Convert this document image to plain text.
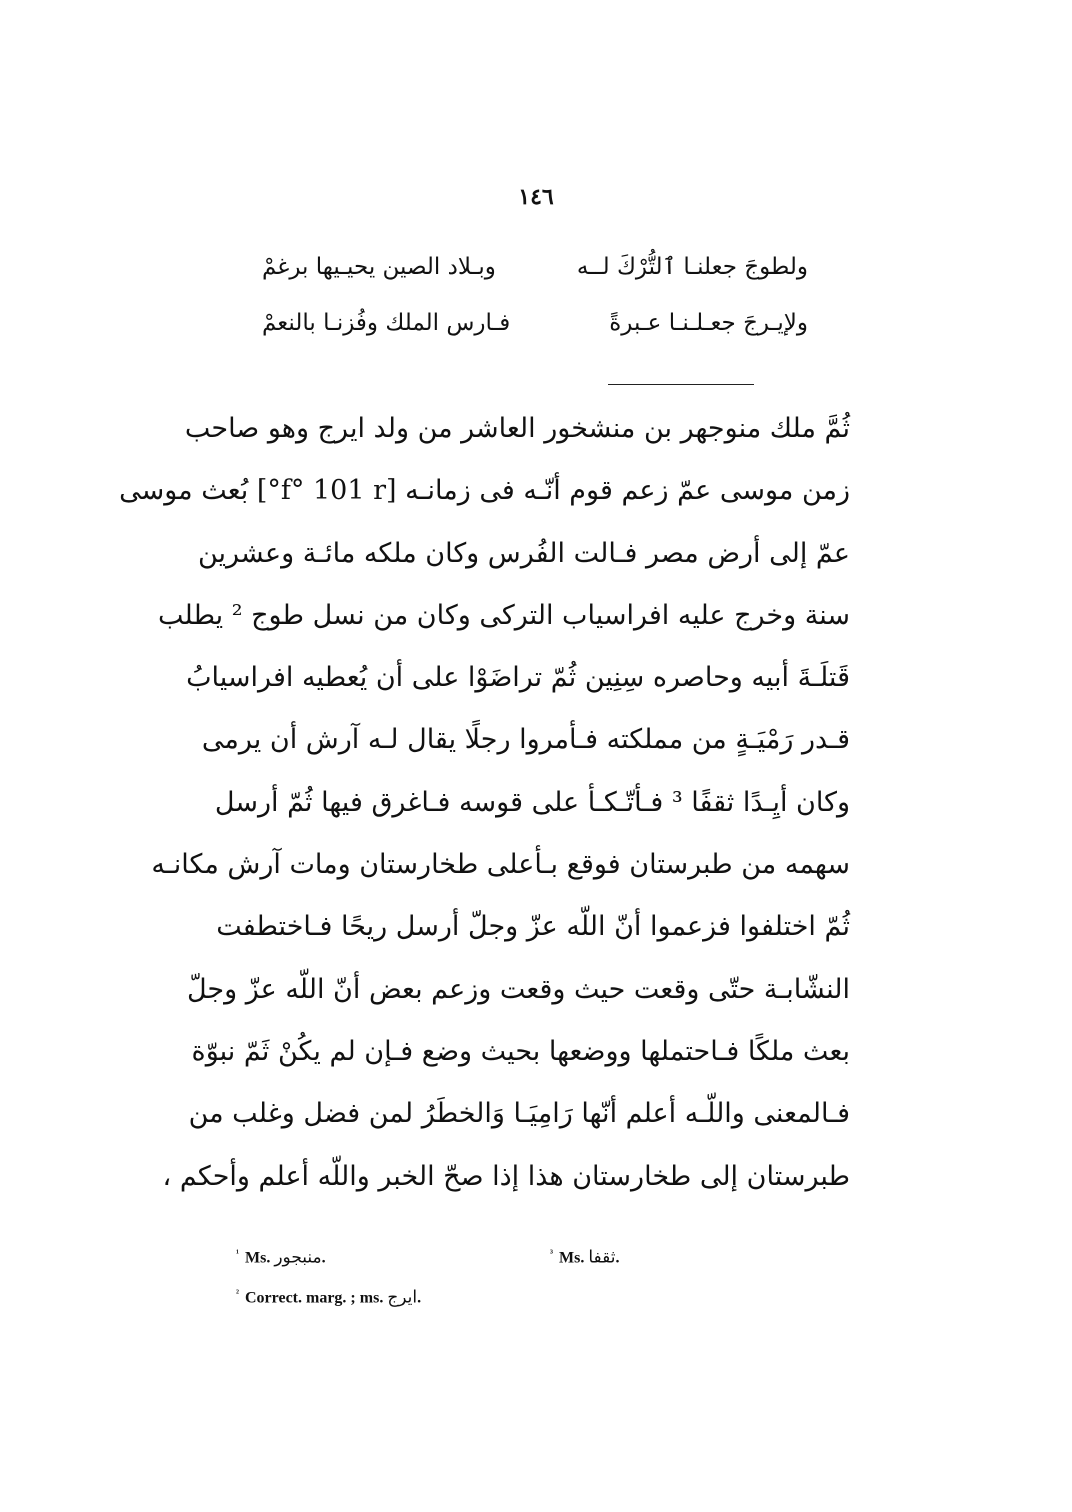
١٤٦
ولطوجَ جعلنـا ٱلتُّرْكَ لــه
وبـلاد الصين يحيـيها برغمْ
ولإيـرجَ جعـلـنـا عـبرةً
فـارس الملك وفُزنـا بالنعمْ
ثُمَّ ملك منوجهر بن منشخور العاشر من ولد ايرج وهو صاحب
زمن موسى عمّ زعم قوم أنّـه فى زمانـه [f° 101 r°] بُعث موسى
عمّ إلى أرض مصر فـالت الفُرس وكان ملكه مائـة وعشرين
سنة وخرج عليه افراسياب التركى وكان من نسل طوج ² يطلب
قَتلَـةَ أبيه وحاصره سِنِين ثُمّ تراضَوْا على أن يُعطيه افراسيابُ
قـدر رَمْيَـةٍ من مملكته فـأمروا رجلًا يقال لـه آرش أن يرمى
وكان أيِـدًا ثقفًا ³ فـأتّـكـأ على قوسه فـاغرق فيها ثُمّ أرسل
سهمه من طبرستان فوقع بـأعلى طخارستان ومات آرش مكانـه
ثُمّ اختلفوا فزعموا أنّ اللّه عزّ وجلّ أرسل ريحًا فـاختطفت
النشّابـة حتّى وقعت حيث وقعت وزعم بعض أنّ اللّه عزّ وجلّ
بعث ملكًا فـاحتملها ووضعها بحيث وضع فـإن لم يكُنْ ثَمّ نبوّة
فـالمعنى واللّـه أعلم أنّها رَامِيَـا وَالخطَرُ لمن فضل وغلب من
طبرستان إلى طخارستان هذا إذا صحّ الخبر واللّه أعلم وأحكم ،
$^{^1}$ Ms. منبجور.	$^{^3}$ Ms. ثقفا.
$^{^2}$ Correct. marg. ; ms. ايرج.
